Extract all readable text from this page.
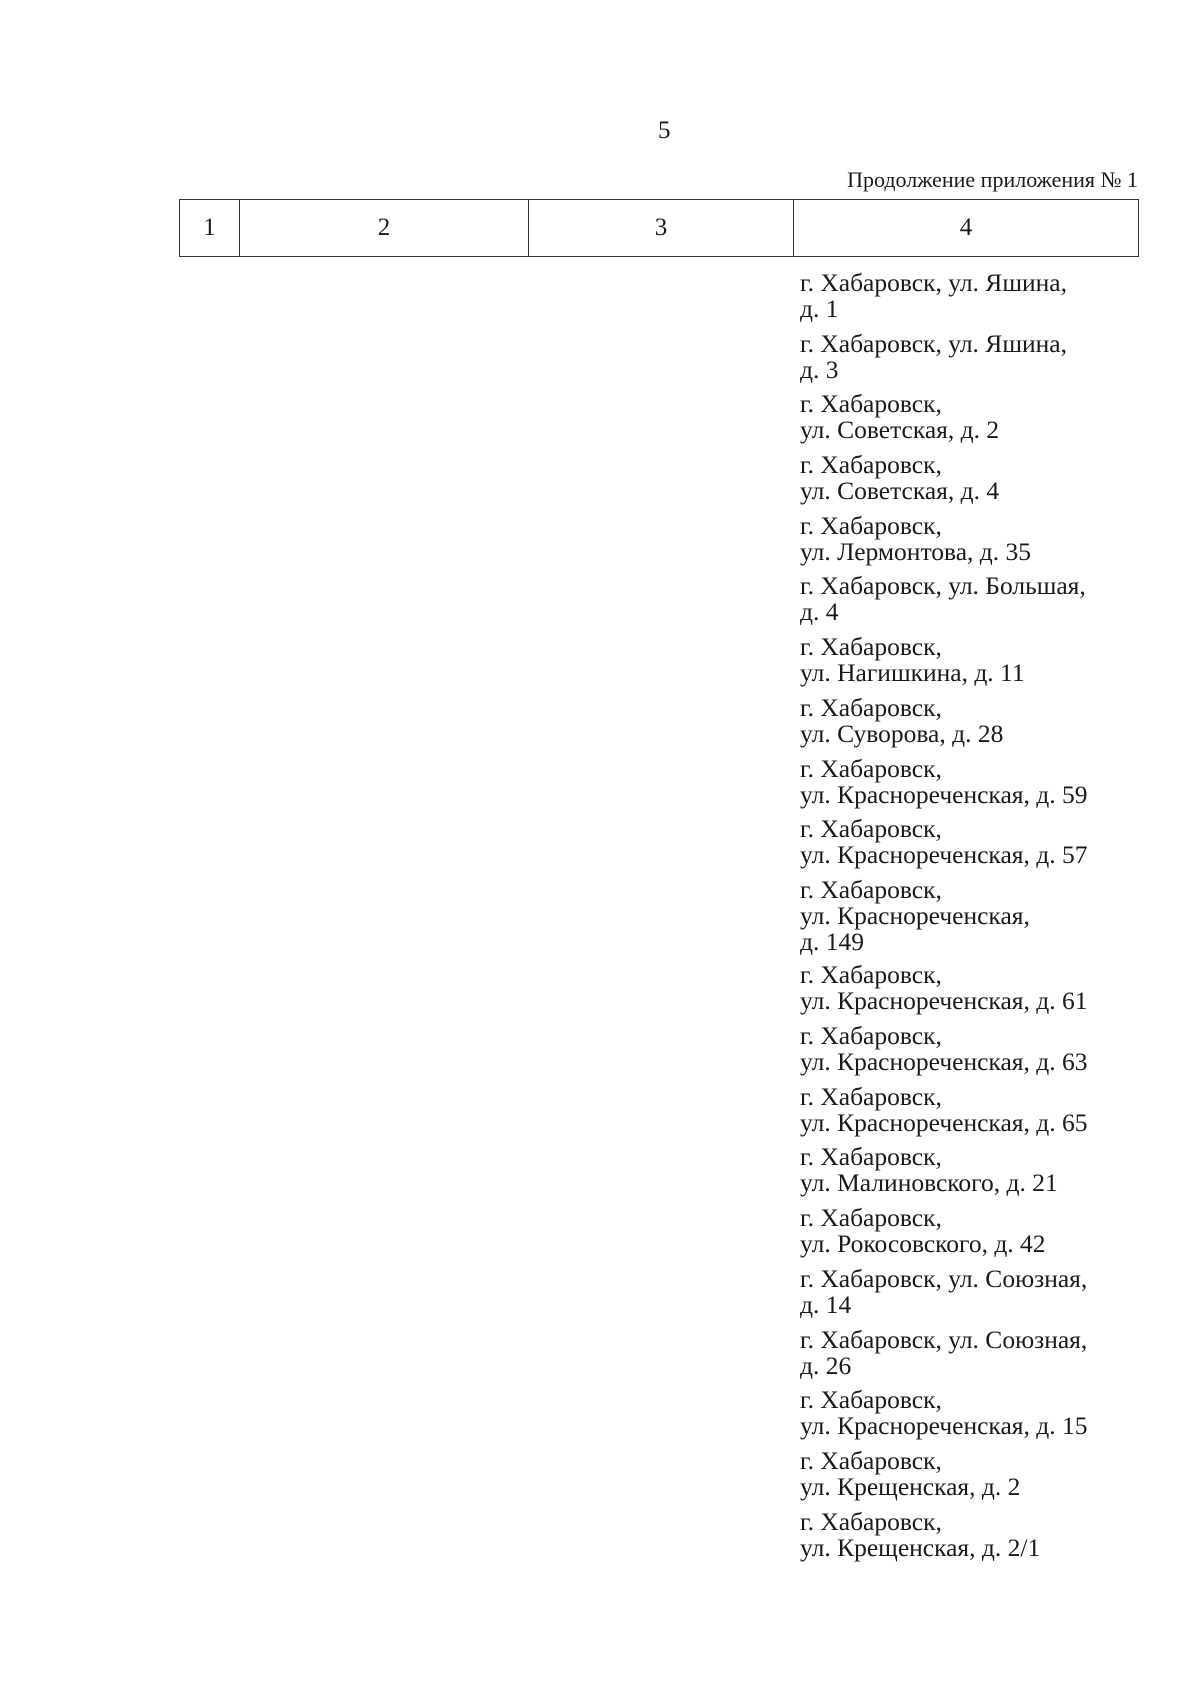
5
Продолжение приложения № 1
1	2	3	4
г. Хабаровск, ул. Яшина,
д. 1
г. Хабаровск, ул. Яшина,
д. 3
г. Хабаровск,
ул. Советская, д. 2
г. Хабаровск,
ул. Советская, д. 4
г. Хабаровск,
ул. Лермонтова, д. 35
г. Хабаровск, ул. Большая,
д. 4
г. Хабаровск,
ул. Нагишкина, д. 11
г. Хабаровск,
ул. Суворова, д. 28
г. Хабаровск,
ул. Краснореченская, д. 59
г. Хабаровск,
ул. Краснореченская, д. 57
г. Хабаровск,
ул. Краснореченская,
д. 149
г. Хабаровск,
ул. Краснореченская, д. 61
г. Хабаровск,
ул. Краснореченская, д. 63
г. Хабаровск,
ул. Краснореченская, д. 65
г. Хабаровск,
ул. Малиновского, д. 21
г. Хабаровск,
ул. Рокосовского, д. 42
г. Хабаровск, ул. Союзная,
д. 14
г. Хабаровск, ул. Союзная,
д. 26
г. Хабаровск,
ул. Краснореченская, д. 15
г. Хабаровск,
ул. Крещенская, д. 2
г. Хабаровск,
ул. Крещенская, д. 2/1
